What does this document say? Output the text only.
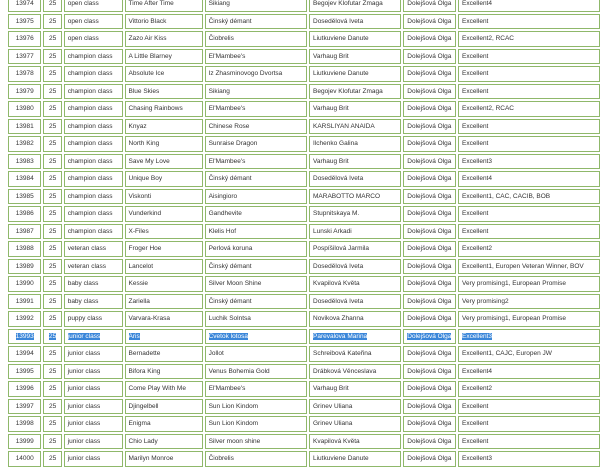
13974	25	open class	Time After Time	Sikiang	Begojev Klofutar Zmaga	Dolejšová Olga	Excellent4
13975	25	open class	Vittorio Black	Činský démant	Dosedělová Iveta	Dolejšová Olga	Excellent
13976	25	open class	Zazo Air Kiss	Čiobrelis	Liutkuviene Danute	Dolejšová Olga	Excellent2, RCAC
13977	25	champion class	A Little Blarney	El'Mambee's	Varhaug Brit	Dolejšová Olga	Excellent
13978	25	champion class	Absolute Ice	Iz Zhasminovogo Dvortsa	Liutkuviene Danute	Dolejšová Olga	Excellent
13979	25	champion class	Blue Skies	Sikiang	Begojev Klofutar Zmaga	Dolejšová Olga	Excellent
13980	25	champion class	Chasing Rainbows	El'Mambee's	Varhaug Brit	Dolejšová Olga	Excellent2, RCAC
13981	25	champion class	Knyaz	Chinese Rose	KARSLIYAN ANAIDA	Dolejšová Olga	Excellent
13982	25	champion class	North King	Sunraise Dragon	Ilchenko Galina	Dolejšová Olga	Excellent
13983	25	champion class	Save My Love	El'Mambee's	Varhaug Brit	Dolejšová Olga	Excellent3
13984	25	champion class	Unique Boy	Činský démant	Dosedělová Iveta	Dolejšová Olga	Excellent4
13985	25	champion class	Viskonti	Aisingioro	MARABOTTO MARCO	Dolejšová Olga	Excellent1, CAC, CACIB, BOB
13986	25	champion class	Vunderkind	Gandhevite	Stupnitskaya M.	Dolejšová Olga	Excellent
13987	25	champion class	X-Files	Klelis Hof	Lunski Arkadi	Dolejšová Olga	Excellent
13988	25	veteran class	Froger Hoe	Perlová koruna	Pospíšilová Jarmila	Dolejšová Olga	Excellent2
13989	25	veteran class	Lancelot	Činský démant	Dosedělová Iveta	Dolejšová Olga	Excellent1, Europen Veteran Winner, BOV
13990	25	baby class	Kessie	Silver Moon Shine	Kvapilová Květa	Dolejšová Olga	Very promising1, European Promise
13991	25	baby class	Zariella	Činský démant	Dosedělová Iveta	Dolejšová Olga	Very promising2
13992	25	puppy class	Varvara-Krasa	Luchik Solntsa	Novikova Zhanna	Dolejšová Olga	Very promising1, European Promise
13993	25	junior class	Aris	Cvetok lotosa	Parevalova Marina	Dolejšová Olga	Excellent3
13994	25	junior class	Bernadette	Jollot	Schreibová Kateřina	Dolejšová Olga	Excellent1, CAJC, Europen JW
13995	25	junior class	Bifora King	Venus Bohemia Gold	Drábková Věnceslava	Dolejšová Olga	Excellent4
13996	25	junior class	Come Play With Me	El'Mambee's	Varhaug Brit	Dolejšová Olga	Excellent2
13997	25	junior class	Djingelbell	Sun Lion Kindom	Grinev Uliana	Dolejšová Olga	Excellent
13998	25	junior class	Enigma	Sun Lion Kindom	Grinev Uliana	Dolejšová Olga	Excellent
13999	25	junior class	Chio Lady	Silver moon shine	Kvapilová Květa	Dolejšová Olga	Excellent
14000	25	junior class	Marilyn Monroe	Čiobrelis	Liutkuviene Danute	Dolejšová Olga	Excellent3
